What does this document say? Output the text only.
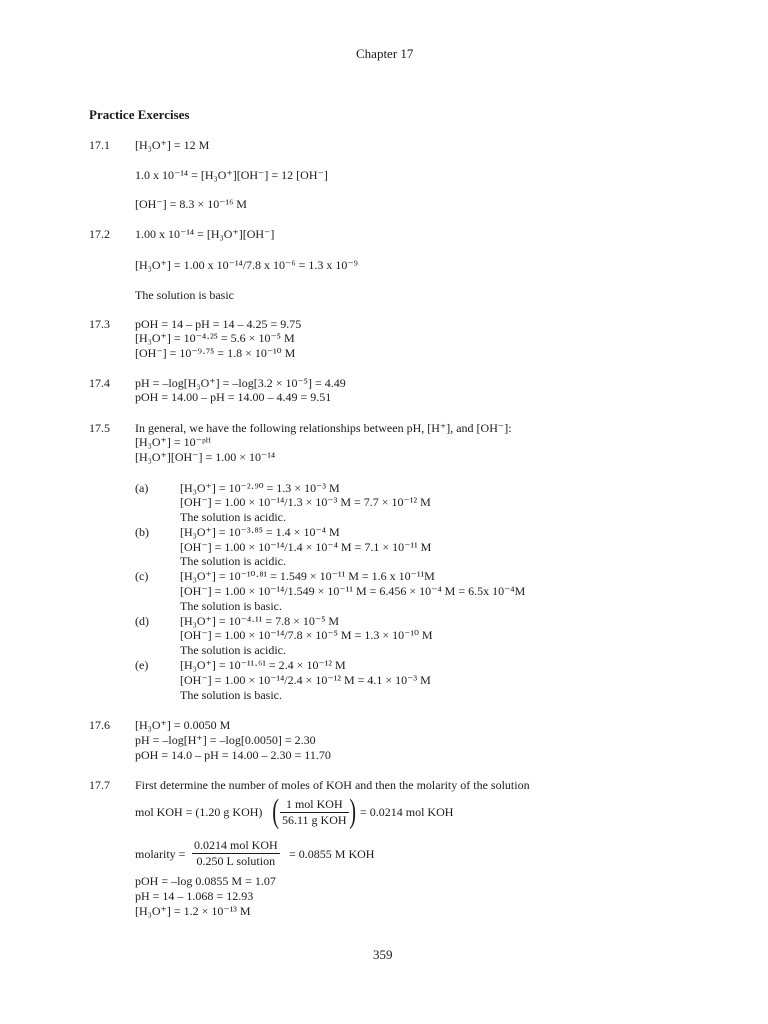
Chapter 17
Practice Exercises
17.1 [H₃O⁺] = 12 M
1.0 x 10⁻¹⁴ = [H₃O⁺][OH⁻] = 12 [OH⁻]
[OH⁻] = 8.3 × 10⁻¹⁶ M
17.2 1.00 x 10⁻¹⁴ = [H₃O⁺][OH⁻]
[H₃O⁺] = 1.00 x 10⁻¹⁴/7.8 x 10⁻⁶ = 1.3 x 10⁻⁹
The solution is basic
17.3 pOH = 14 – pH = 14 – 4.25 = 9.75
[H₃O⁺] = 10⁻⁴·²⁵ = 5.6 × 10⁻⁵ M
[OH⁻] = 10⁻⁹·⁷⁵ = 1.8 × 10⁻¹⁰ M
17.4 pH = –log[H₃O⁺] = –log[3.2 × 10⁻⁵] = 4.49
pOH = 14.00 – pH = 14.00 – 4.49 = 9.51
17.5 In general, we have the following relationships between pH, [H⁺], and [OH⁻]:
[H₃O⁺] = 10⁻ᵖᴴ
[H₃O⁺][OH⁻] = 1.00 × 10⁻¹⁴
(a)	[H₃O⁺] = 10⁻²·⁹⁰ = 1.3 × 10⁻³ M
[OH⁻] = 1.00 × 10⁻¹⁴/1.3 × 10⁻³ M = 7.7 × 10⁻¹² M
The solution is acidic.
(b)	[H₃O⁺] = 10⁻³·⁸⁵ = 1.4 × 10⁻⁴ M
[OH⁻] = 1.00 × 10⁻¹⁴/1.4 × 10⁻⁴ M = 7.1 × 10⁻¹¹ M
The solution is acidic.
(c)	[H₃O⁺] = 10⁻¹⁰·⁸¹ = 1.549 × 10⁻¹¹ M = 1.6 x 10⁻¹¹M
[OH⁻] = 1.00 × 10⁻¹⁴/1.549 × 10⁻¹¹ M = 6.456 × 10⁻⁴ M = 6.5x 10⁻⁴M
The solution is basic.
(d)	[H₃O⁺] = 10⁻⁴·¹¹ = 7.8 × 10⁻⁵ M
[OH⁻] = 1.00 × 10⁻¹⁴/7.8 × 10⁻⁵ M = 1.3 × 10⁻¹⁰ M
The solution is acidic.
(e)	[H₃O⁺] = 10⁻¹¹·⁶¹ = 2.4 × 10⁻¹² M
[OH⁻] = 1.00 × 10⁻¹⁴/2.4 × 10⁻¹² M = 4.1 × 10⁻³ M
The solution is basic.
17.6 [H₃O⁺] = 0.0050 M
pH = –log[H⁺] = –log[0.0050] = 2.30
pOH = 14.0 – pH = 14.00 – 2.30 = 11.70
17.7 First determine the number of moles of KOH and then the molarity of the solution
mol KOH = (1.20 g KOH) ( 1 mol KOH
56.11 g KOH ) = 0.0214 mol KOH
molarity =
0.0214 mol KOH
0.250 L solution	= 0.0855 M KOH
pOH = –log 0.0855 M = 1.07
pH = 14 – 1.068 = 12.93
[H₃O⁺] = 1.2 × 10⁻¹³ M
359
